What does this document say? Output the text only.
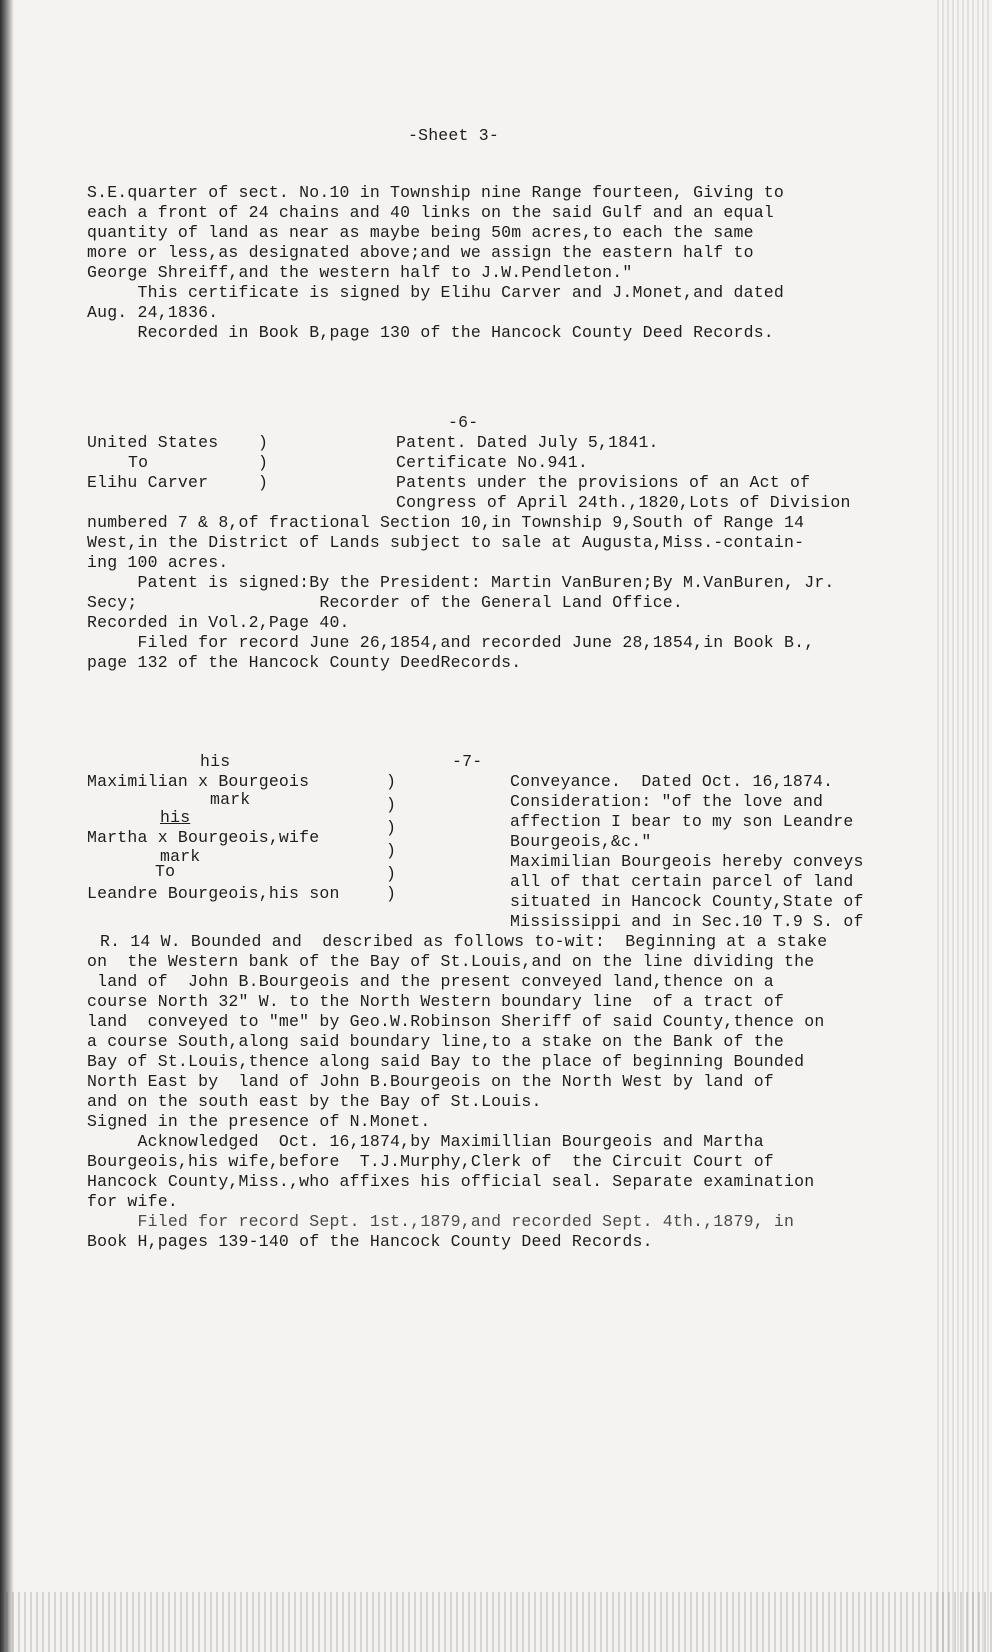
-Sheet 3-
S.E.quarter of sect. No.10 in Township nine Range fourteen, Giving to
each a front of 24 chains and 40 links on the said Gulf and an equal
quantity of land as near as maybe being 50m acres,to each the same
more or less,as designated above;and we assign the eastern half to
George Shreiff,and the western half to J.W.Pendleton."
This certificate is signed by Elihu Carver and J.Monet,and dated
Aug. 24,1836.
Recorded in Book B,page 130 of the Hancock County Deed Records.
-6-
United States
To
Elihu Carver
)
)
)
Patent. Dated July 5,1841.
Certificate No.941.
Patents under the provisions of an Act of
Congress of April 24th.,1820,Lots of Division
numbered 7 & 8,of fractional Section 10,in Township 9,South of Range 14
West,in the District of Lands subject to sale at Augusta,Miss.-contain-
ing 100 acres.
Patent is signed:By the President: Martin VanBuren;By M.VanBuren, Jr.
Secy;                  Recorder of the General Land Office.
Recorded in Vol.2,Page 40.
Filed for record June 26,1854,and recorded June 28,1854,in Book B.,
page 132 of the Hancock County DeedRecords.
his	-7-
Maximilian x Bourgeois
mark
his
Martha x Bourgeois,wife
mark
To
Leandre Bourgeois,his son
)
)
)
)
)
)
Conveyance.  Dated Oct. 16,1874.
Consideration: "of the love and
affection I bear to my son Leandre
Bourgeois,&c."
Maximilian Bourgeois hereby conveys
all of that certain parcel of land
situated in Hancock County,State of
Mississippi and in Sec.10 T.9 S. of
R. 14 W. Bounded and  described as follows to-wit:  Beginning at a stake
on  the Western bank of the Bay of St.Louis,and on the line dividing the
land of  John B.Bourgeois and the present conveyed land,thence on a
course North 32" W. to the North Western boundary line  of a tract of
land  conveyed to "me" by Geo.W.Robinson Sheriff of said County,thence on
a course South,along said boundary line,to a stake on the Bank of the
Bay of St.Louis,thence along said Bay to the place of beginning Bounded
North East by  land of John B.Bourgeois on the North West by land of
and on the south east by the Bay of St.Louis.
Signed in the presence of N.Monet.
Acknowledged  Oct. 16,1874,by Maximillian Bourgeois and Martha
Bourgeois,his wife,before  T.J.Murphy,Clerk of  the Circuit Court of
Hancock County,Miss.,who affixes his official seal. Separate examination
for wife.
Filed for record Sept. 1st.,1879,and recorded Sept. 4th.,1879, in
Book H,pages 139-140 of the Hancock County Deed Records.
